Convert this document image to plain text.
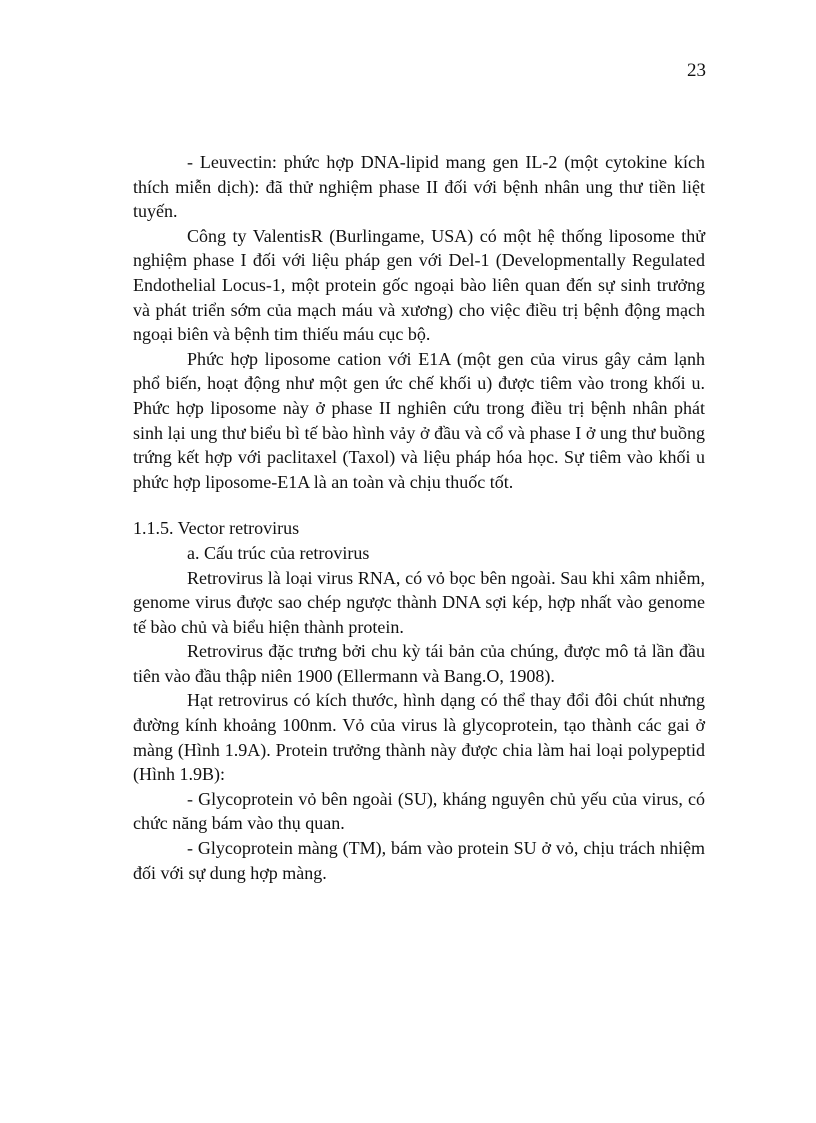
23

- Leuvectin: phức hợp DNA-lipid mang gen IL-2 (một cytokine kích thích miễn dịch): đã thử nghiệm phase II đối với bệnh nhân ung thư tiền liệt tuyến.

Công ty ValentisR (Burlingame, USA) có một hệ thống liposome thử nghiệm phase I đối với liệu pháp gen với Del-1 (Developmentally Regulated Endothelial Locus-1, một protein gốc ngoại bào liên quan đến sự sinh trưởng và phát triển sớm của mạch máu và xương) cho việc điều trị bệnh động mạch ngoại biên và bệnh tim thiếu máu cục bộ.

Phức hợp liposome cation với E1A (một gen của virus gây cảm lạnh phổ biến, hoạt động như một gen ức chế khối u) được tiêm vào trong khối u. Phức hợp liposome này ở phase II nghiên cứu trong điều trị bệnh nhân phát sinh lại ung thư biểu bì tế bào hình vảy ở đầu và cổ và phase I ở ung thư buồng trứng kết hợp với paclitaxel (Taxol) và liệu pháp hóa học. Sự tiêm vào khối u phức hợp liposome-E1A là an toàn và chịu thuốc tốt.

1.1.5. Vector retrovirus

a. Cấu trúc của retrovirus

Retrovirus là loại virus RNA, có vỏ bọc bên ngoài. Sau khi xâm nhiễm, genome virus được sao chép ngược thành DNA sợi kép, hợp nhất vào genome tế bào chủ và biểu hiện thành protein.

Retrovirus đặc trưng bởi chu kỳ tái bản của chúng, được mô tả lần đầu tiên vào đầu thập niên 1900 (Ellermann và Bang.O, 1908).

Hạt retrovirus có kích thước, hình dạng có thể thay đổi đôi chút nhưng đường kính khoảng 100nm. Vỏ của virus là glycoprotein, tạo thành các gai ở màng (Hình 1.9A). Protein trưởng thành này được chia làm hai loại polypeptid (Hình 1.9B):

- Glycoprotein vỏ bên ngoài (SU), kháng nguyên chủ yếu của virus, có chức năng bám vào thụ quan.

- Glycoprotein màng (TM), bám vào protein SU ở vỏ, chịu trách nhiệm đối với sự dung hợp màng.
